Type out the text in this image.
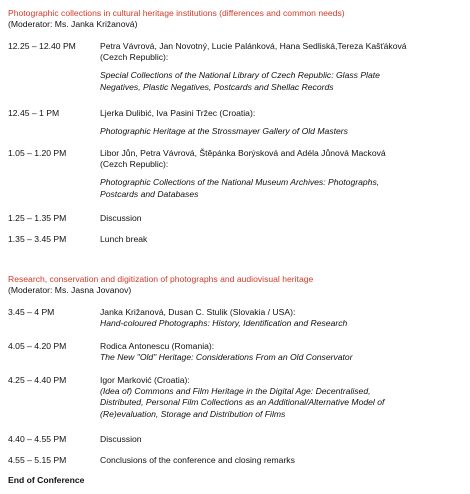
Photographic collections in cultural heritage institutions (differences and common needs)
(Moderator: Ms. Janka Križanová)
12.25 – 12.40 PM	Petra Vávrová, Jan Novotný, Lucie Palánková, Hana Sedliská,Tereza Kašťáková
(Cezch Republic):
Special Collections of the National Library of Czech Republic: Glass Plate
Negatives, Plastic Negatives, Postcards and Shellac Records
12.45 – 1 PM	Ljerka Dulibić, Iva Pasini Tržec (Croatia):
Photographic Heritage at the Strossmayer Gallery of Old Masters
1.05 – 1.20 PM	Libor Jůn, Petra Vávrová, Štěpánka Borýsková and Adéla Jůnová Macková
(Cezch Republic):
Photographic Collections of the National Museum Archives: Photographs,
Postcards and Databases
1.25 – 1.35 PM	Discussion
1.35 – 3.45 PM	Lunch break
Research, conservation and digitization of photographs and audiovisual heritage
(Moderator: Ms. Jasna Jovanov)
3.45 – 4 PM	Janka Križanová, Dusan C. Stulik (Slovakia / USA):
Hand-coloured Photographs: History, Identification and Research
4.05 – 4.20 PM	Rodica Antonescu (Romania):
The New "Old" Heritage: Considerations From an Old Conservator
4.25 – 4.40 PM	Igor Marković (Croatia):
(Idea of) Commons and Film Heritage in the Digital Age: Decentralised,
Distributed, Personal Film Collections as an Additional/Alternative Model of
(Re)evaluation, Storage and Distribution of Films
4.40 – 4.55 PM	Discussion
4.55 – 5.15 PM	Conclusions of the conference and closing remarks
End of Conference
